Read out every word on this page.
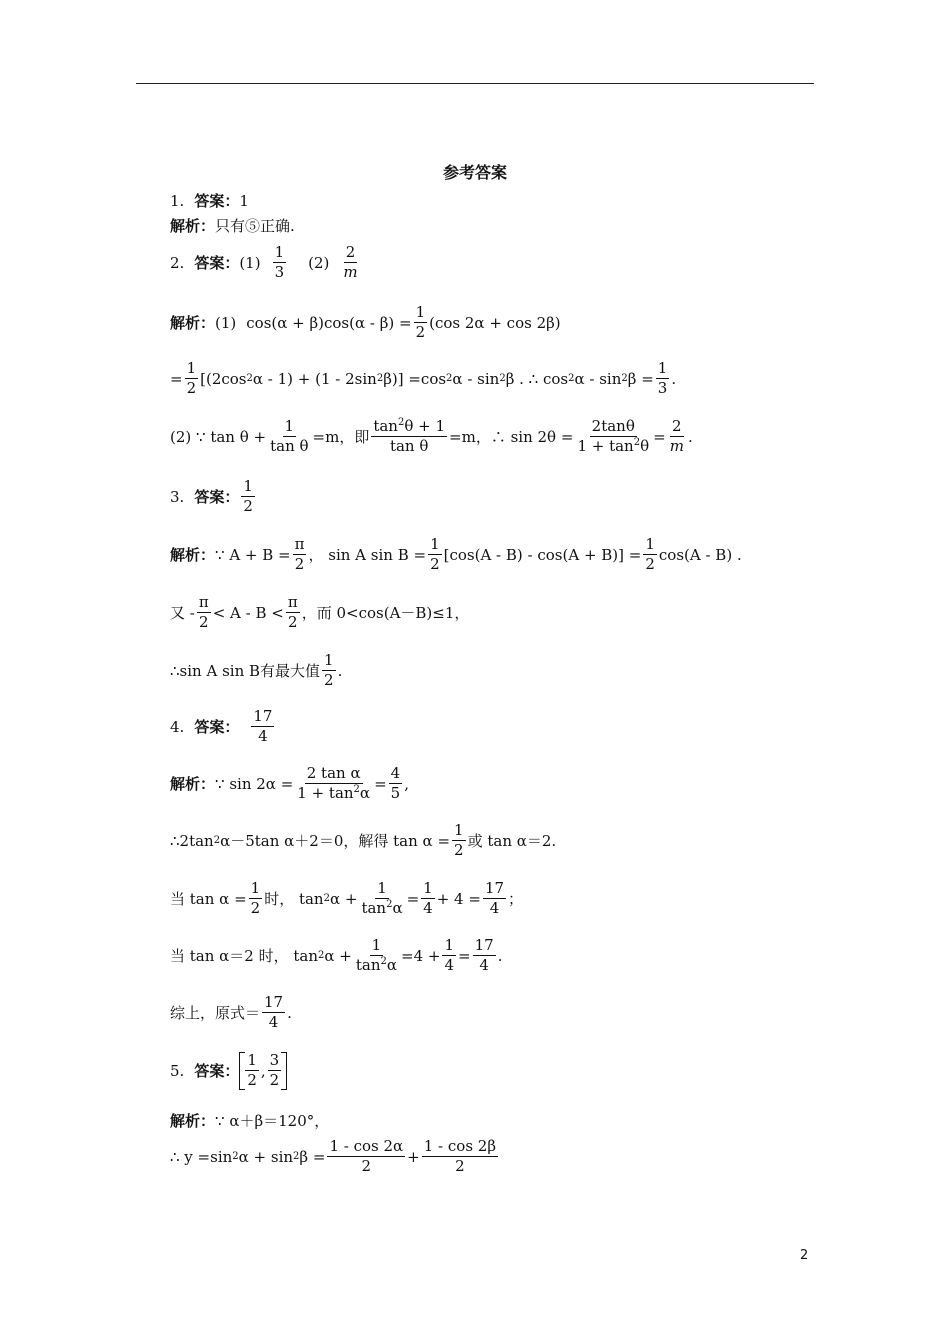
参考答案
1. 答案： 1
解析： 只有⑤正确.
2. 答案： $(1) \frac{1}{3} (2) \frac{2}{m}$
解析： (1) $\cos(\alpha + \beta)\cos(\alpha - \beta) = \frac{1}{2} (\cos$ 2α + cos 2β)
= $\frac{1}{2} [(2\cos$ 2 α - 1) + (1 - 2sin 2 β)] =cos 2 α - sin 2 β . ∴ cos 2 α - sin 2 $\beta = \frac{1}{3}$ .
(2) ∵ $\tan \theta + \frac{1}{\text{tan θ}} =m$，即 $\frac{\tan^2\theta + 1}{\text{tan θ}} =m$，∴ $\sin 2\theta = \frac{2\tan\theta}{1 + \tan^2\theta} = \frac{2}{m}$ .
3. 答案： $\frac{1}{2}$
解析： ∵ $A + B = \frac{\pi}{2}$ ， sin A $\sin B = \frac{1}{2} [\cos(A - B) - \cos(A + B)] = \frac{1}{2} \cos(A - B)$ .
又 - $\frac{\pi}{2} < A - B < \frac{\pi}{2}$ ，而 0<cos(A－B)≤1，
∴sin A sin B有最大值 $\frac{1}{2}$ .
4. 答案： $\frac{17}{4}$
解析： ∵ $\sin 2\alpha = \frac{\text{2 tan α}}{1 + \tan^2\alpha} = \frac{4}{5}$ ,
∴2tan 2 α－5tan α＋2＝0，解得 $\tan \alpha = \frac{1}{2}$ 或 tan α＝2.
当 $\tan \alpha = \frac{1}{2}$ 时， tan 2 $\alpha + \frac{1}{\tan^2\alpha} = \frac{1}{4} + 4 = \frac{17}{4}$ ；
当 tan α＝2 时， tan 2 $\alpha + \frac{1}{\tan^2\alpha} =4 + \frac{1}{4} = \frac{17}{4}$ .
综上，原式＝ $\frac{17}{4}$ .
5. 答案： $\frac{1}{2}$ , $\frac{3}{2}$
解析： ∵ α＋β＝120°，
∴ y =sin 2 α + sin 2 $\beta = \frac{1 - \cos 2\alpha}{2} + \frac{1 - \cos 2\beta}{2}$
2
